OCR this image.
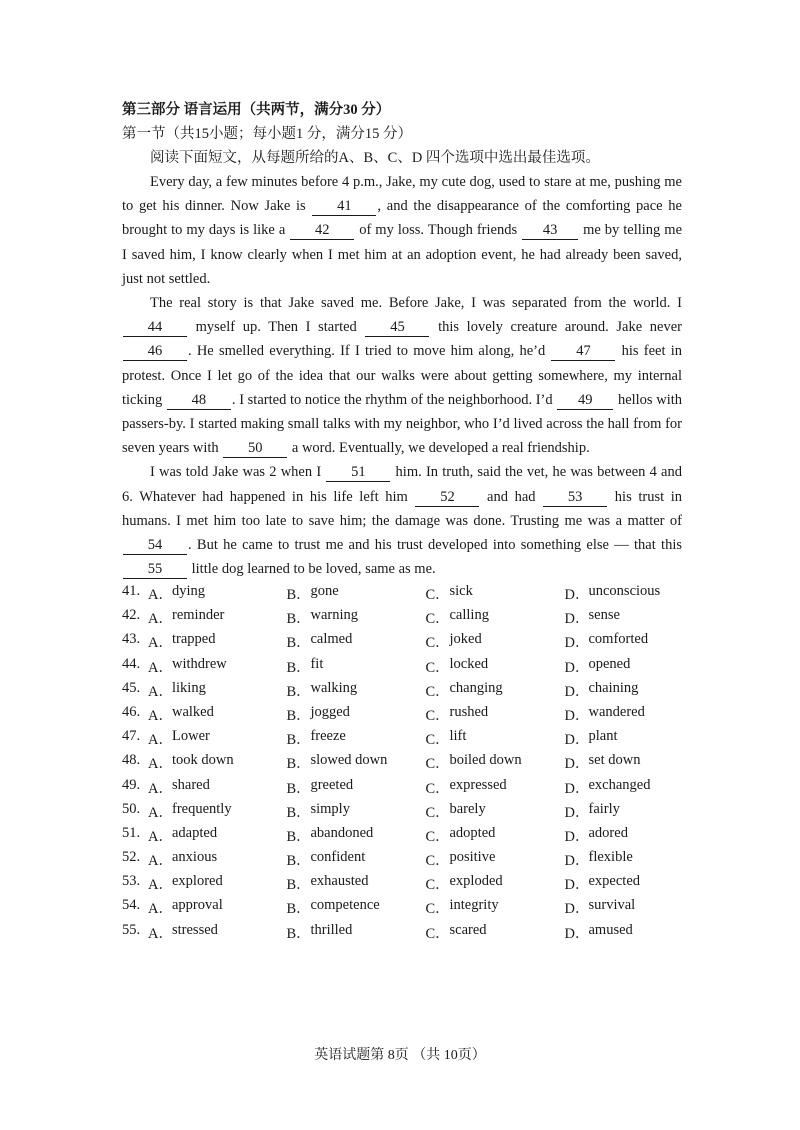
第三部分 语言运用（共两节，满分30 分）

第一节（共15小题；每小题1 分，满分15 分）

阅读下面短文，从每题所给的A、B、C、D 四个选项中选出最佳选项。

Every day, a few minutes before 4 p.m., Jake, my cute dog, used to stare at me, pushing me to get his dinner. Now Jake is 41 , and the disappearance of the comforting pace he brought to my days is like a 42 of my loss. Though friends 43 me by telling me I saved him, I know clearly when I met him at an adoption event, he had already been saved, just not settled.

The real story is that Jake saved me. Before Jake, I was separated from the world. I 44 myself up. Then I started 45 this lovely creature around. Jake never 46 . He smelled everything. If I tried to move him along, he’d 47 his feet in protest. Once I let go of the idea that our walks were about getting somewhere, my internal ticking 48 . I started to notice the rhythm of the neighborhood. I’d 49 hellos with passers-by. I started making small talks with my neighbor, who I’d lived across the hall from for seven years with 50 a word. Eventually, we developed a real friendship.

I was told Jake was 2 when I 51 him. In truth, said the vet, he was between 4 and 6. Whatever had happened in his life left him 52 and had 53 his trust in humans. I met him too late to save him; the damage was done. Trusting me was a matter of 54 . But he came to trust me and his trust developed into something else — that this 55 little dog learned to be loved, same as me.

41. A． dying	B． gone	C． sick	D． unconscious
42. A． reminder	B． warning	C． calling	D． sense
43. A． trapped	B． calmed	C． joked	D． comforted
44. A． withdrew	B． fit	C． locked	D． opened
45. A． liking	B． walking	C． changing	D． chaining
46. A． walked	B． jogged	C． rushed	D． wandered
47. A． Lower	B． freeze	C． lift	D． plant
48. A． took down	B． slowed down	C． boiled down	D． set down
49. A． shared	B． greeted	C． expressed	D． exchanged
50. A． frequently	B． simply	C． barely	D． fairly
51. A． adapted	B． abandoned	C． adopted	D． adored
52. A． anxious	B． confident	C． positive	D． flexible
53. A． explored	B． exhausted	C． exploded	D． expected
54. A． approval	B． competence	C． integrity	D． survival
55. A． stressed	B． thrilled	C． scared	D． amused
英语试题第 8页 （共 10页）
